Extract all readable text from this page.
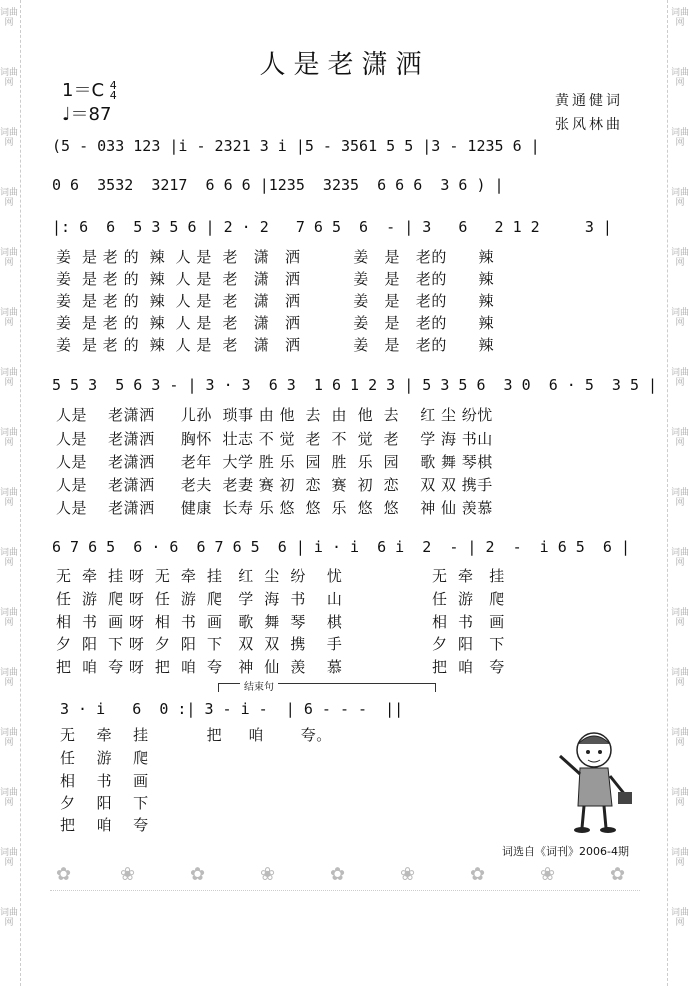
词曲网
词曲网
词曲网
词曲网
词曲网
词曲网
词曲网
词曲网
词曲网
词曲网
词曲网
词曲网
词曲网
词曲网
词曲网
词曲网
词曲网
词曲网
词曲网
词曲网
词曲网
词曲网
词曲网
词曲网
词曲网
词曲网
词曲网
词曲网
词曲网
词曲网
词曲网
词曲网
人是老潇洒
1＝C 4
4
♩＝87
黄通健词
张风林曲
(5 - 033 123 |i - 2321 3 i |5 - 3561 5 5 |3 - 1235 6 |
0 6  3532  3217  6 6 6 |1235  3235  6 6 6  3 6 ) |
|: 6  6  5 3 5 6 | 2 · 2   7 6 5  6  - | 3   6   2 1 2     3 |
姜  是 老 的  辣  人 是  老   潇   洒          姜   是   老的      辣
姜  是 老 的  辣  人 是  老   潇   洒          姜   是   老的      辣
姜  是 老 的  辣  人 是  老   潇   洒          姜   是   老的      辣
姜  是 老 的  辣  人 是  老   潇   洒          姜   是   老的      辣
姜  是 老 的  辣  人 是  老   潇   洒          姜   是   老的      辣
5 5 3  5 6 3 - | 3 · 3  6 3  1 6 1 2 3 | 5 3 5 6  3 0  6 · 5  3 5 |
人是    老潇洒     儿孙  琐事 由 他  去  由  他  去    红 尘 纷忧
人是    老潇洒     胸怀  壮志 不 觉  老  不  觉  老    学 海 书山
人是    老潇洒     老年  大学 胜 乐  园  胜  乐  园    歌 舞 琴棋
人是    老潇洒     老夫  老妻 赛 初  恋  赛  初  恋    双 双 携手
人是    老潇洒     健康  长寿 乐 悠  悠  乐  悠  悠    神 仙 羡慕
6 7 6 5  6 · 6  6 7 6 5  6 | i · i  6 i  2  - | 2  -  i 6 5  6 |
无  牵  挂 呀  无  牵  挂   红  尘  纷    忧                 无  牵   挂
任  游  爬 呀  任  游  爬   学  海  书    山                 任  游   爬
相  书  画 呀  相  书  画   歌  舞  琴    棋                 相  书   画
夕  阳  下 呀  夕  阳  下   双  双  携    手                 夕  阳   下
把  咱  夸 呀  把  咱  夸   神  仙  羡    慕                 把  咱   夸
结束句
3 · i   6  0 :| 3 - i -  | 6 - - -  ||
无    牵    挂           把     咱       夸。
任    游    爬
相    书    画
夕    阳    下
把    咱    夸
词选自《词刊》2006-4期
✿	❀	✿	❀	✿	❀	✿	❀	✿
